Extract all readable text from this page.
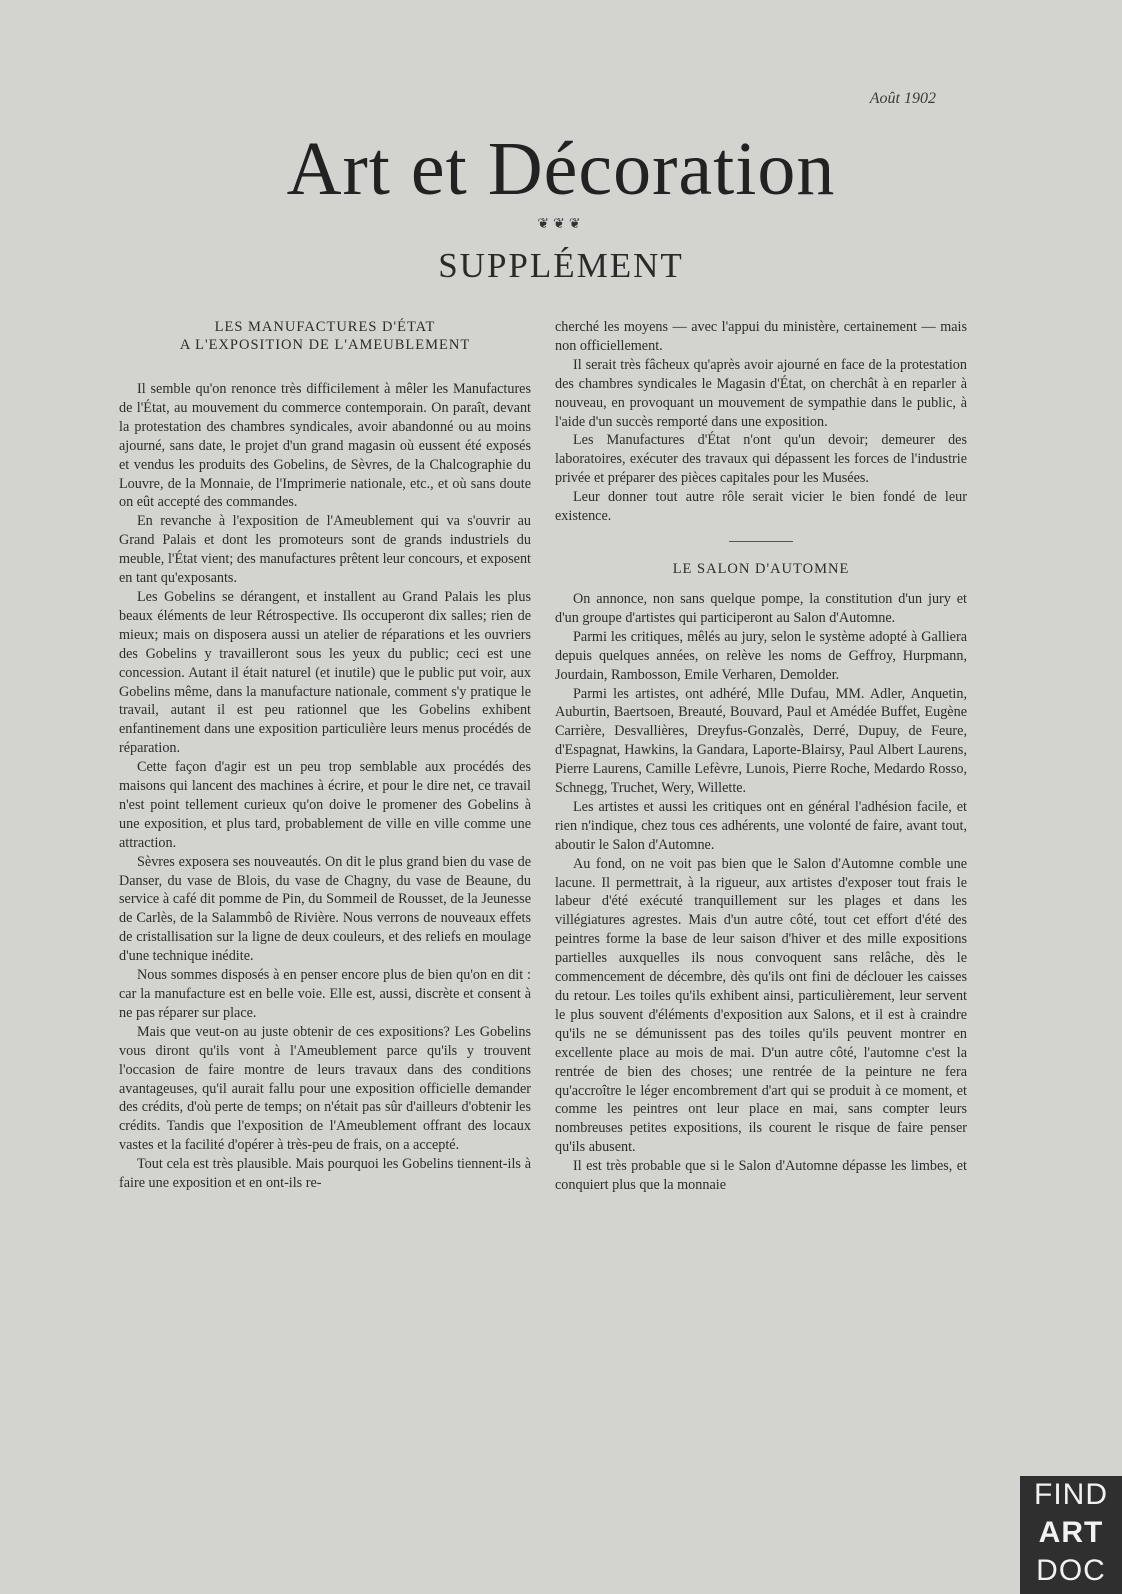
Août 1902
Art et Décoration
❦❦❦
SUPPLÉMENT
LES MANUFACTURES D'ÉTAT
A L'EXPOSITION DE L'AMEUBLEMENT

Il semble qu'on renonce très difficilement à mêler les Manufactures de l'État, au mouvement du commerce contemporain. On paraît, devant la protestation des chambres syndicales, avoir abandonné ou au moins ajourné, sans date, le projet d'un grand magasin où eussent été exposés et vendus les produits des Gobelins, de Sèvres, de la Chalcographie du Louvre, de la Monnaie, de l'Imprimerie nationale, etc., et où sans doute on eût accepté des commandes.

En revanche à l'exposition de l'Ameublement qui va s'ouvrir au Grand Palais et dont les promoteurs sont de grands industriels du meuble, l'État vient; des manufactures prêtent leur concours, et exposent en tant qu'exposants.

Les Gobelins se dérangent, et installent au Grand Palais les plus beaux éléments de leur Rétrospective. Ils occuperont dix salles; rien de mieux; mais on disposera aussi un atelier de réparations et les ouvriers des Gobelins y travailleront sous les yeux du public; ceci est une concession. Autant il était naturel (et inutile) que le public put voir, aux Gobelins même, dans la manufacture nationale, comment s'y pratique le travail, autant il est peu rationnel que les Gobelins exhibent enfantinement dans une exposition particulière leurs menus procédés de réparation.

Cette façon d'agir est un peu trop semblable aux procédés des maisons qui lancent des machines à écrire, et pour le dire net, ce travail n'est point tellement curieux qu'on doive le promener des Gobelins à une exposition, et plus tard, probablement de ville en ville comme une attraction.

Sèvres exposera ses nouveautés. On dit le plus grand bien du vase de Danser, du vase de Blois, du vase de Chagny, du vase de Beaune, du service à café dit pomme de Pin, du Sommeil de Rousset, de la Jeunesse de Carlès, de la Salammbô de Rivière. Nous verrons de nouveaux effets de cristallisation sur la ligne de deux couleurs, et des reliefs en moulage d'une technique inédite.

Nous sommes disposés à en penser encore plus de bien qu'on en dit : car la manufacture est en belle voie. Elle est, aussi, discrète et consent à ne pas réparer sur place.

Mais que veut-on au juste obtenir de ces expositions? Les Gobelins vous diront qu'ils vont à l'Ameublement parce qu'ils y trouvent l'occasion de faire montre de leurs travaux dans des conditions avantageuses, qu'il aurait fallu pour une exposition officielle demander des crédits, d'où perte de temps; on n'était pas sûr d'ailleurs d'obtenir les crédits. Tandis que l'exposition de l'Ameublement offrant des locaux vastes et la facilité d'opérer à très-peu de frais, on a accepté.

Tout cela est très plausible. Mais pourquoi les Gobelins tiennent-ils à faire une exposition et en ont-ils re-

cherché les moyens — avec l'appui du ministère, certainement — mais non officiellement.

Il serait très fâcheux qu'après avoir ajourné en face de la protestation des chambres syndicales le Magasin d'État, on cherchât à en reparler à nouveau, en provoquant un mouvement de sympathie dans le public, à l'aide d'un succès remporté dans une exposition.

Les Manufactures d'État n'ont qu'un devoir; demeurer des laboratoires, exécuter des travaux qui dépassent les forces de l'industrie privée et préparer des pièces capitales pour les Musées.

Leur donner tout autre rôle serait vicier le bien fondé de leur existence.

LE SALON D'AUTOMNE

On annonce, non sans quelque pompe, la constitution d'un jury et d'un groupe d'artistes qui participeront au Salon d'Automne.

Parmi les critiques, mêlés au jury, selon le système adopté à Galliera depuis quelques années, on relève les noms de Geffroy, Hurpmann, Jourdain, Rambosson, Emile Verharen, Demolder.

Parmi les artistes, ont adhéré, Mlle Dufau, MM. Adler, Anquetin, Auburtin, Baertsoen, Breauté, Bouvard, Paul et Amédée Buffet, Eugène Carrière, Desvallières, Dreyfus-Gonzalès, Derré, Dupuy, de Feure, d'Espagnat, Hawkins, la Gandara, Laporte-Blairsy, Paul Albert Laurens, Pierre Laurens, Camille Lefèvre, Lunois, Pierre Roche, Medardo Rosso, Schnegg, Truchet, Wery, Willette.

Les artistes et aussi les critiques ont en général l'adhésion facile, et rien n'indique, chez tous ces adhérents, une volonté de faire, avant tout, aboutir le Salon d'Automne.

Au fond, on ne voit pas bien que le Salon d'Automne comble une lacune. Il permettrait, à la rigueur, aux artistes d'exposer tout frais le labeur d'été exécuté tranquillement sur les plages et dans les villégiatures agrestes. Mais d'un autre côté, tout cet effort d'été des peintres forme la base de leur saison d'hiver et des mille expositions partielles auxquelles ils nous convoquent sans relâche, dès le commencement de décembre, dès qu'ils ont fini de déclouer les caisses du retour. Les toiles qu'ils exhibent ainsi, particulièrement, leur servent le plus souvent d'éléments d'exposition aux Salons, et il est à craindre qu'ils ne se démunissent pas des toiles qu'ils peuvent montrer en excellente place au mois de mai. D'un autre côté, l'automne c'est la rentrée de bien des choses; une rentrée de la peinture ne fera qu'accroître le léger encombrement d'art qui se produit à ce moment, et comme les peintres ont leur place en mai, sans compter leurs nombreuses petites expositions, ils courent le risque de faire penser qu'ils abusent.

Il est très probable que si le Salon d'Automne dépasse les limbes, et conquiert plus que la monnaie

FIND
ART
DOC
